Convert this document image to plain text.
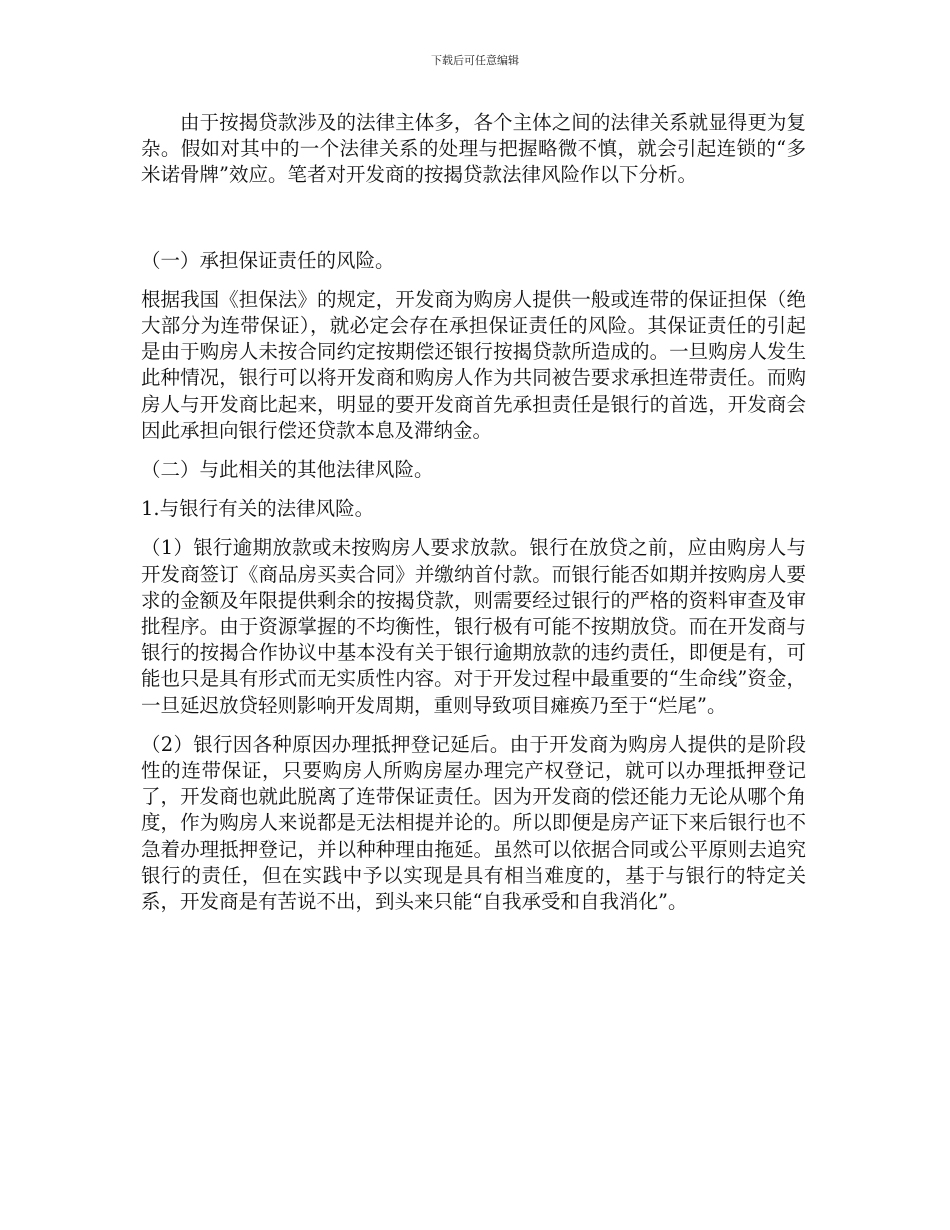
下载后可任意编辑

由于按揭贷款涉及的法律主体多，各个主体之间的法律关系就显得更为复杂。假如对其中的一个法律关系的处理与把握略微不慎，就会引起连锁的“多米诺骨牌”效应。笔者对开发商的按揭贷款法律风险作以下分析。

（一）承担保证责任的风险。

根据我国《担保法》的规定，开发商为购房人提供一般或连带的保证担保（绝大部分为连带保证），就必定会存在承担保证责任的风险。其保证责任的引起是由于购房人未按合同约定按期偿还银行按揭贷款所造成的。一旦购房人发生此种情况，银行可以将开发商和购房人作为共同被告要求承担连带责任。而购房人与开发商比起来，明显的要开发商首先承担责任是银行的首选，开发商会因此承担向银行偿还贷款本息及滞纳金。

（二）与此相关的其他法律风险。

1.与银行有关的法律风险。

（1）银行逾期放款或未按购房人要求放款。银行在放贷之前，应由购房人与开发商签订《商品房买卖合同》并缴纳首付款。而银行能否如期并按购房人要求的金额及年限提供剩余的按揭贷款，则需要经过银行的严格的资料审查及审批程序。由于资源掌握的不均衡性，银行极有可能不按期放贷。而在开发商与银行的按揭合作协议中基本没有关于银行逾期放款的违约责任，即便是有，可能也只是具有形式而无实质性内容。对于开发过程中最重要的“生命线”资金，一旦延迟放贷轻则影响开发周期，重则导致项目瘫痪乃至于“烂尾”。

（2）银行因各种原因办理抵押登记延后。由于开发商为购房人提供的是阶段性的连带保证，只要购房人所购房屋办理完产权登记，就可以办理抵押登记了，开发商也就此脱离了连带保证责任。因为开发商的偿还能力无论从哪个角度，作为购房人来说都是无法相提并论的。所以即便是房产证下来后银行也不急着办理抵押登记，并以种种理由拖延。虽然可以依据合同或公平原则去追究银行的责任，但在实践中予以实现是具有相当难度的，基于与银行的特定关系，开发商是有苦说不出，到头来只能“自我承受和自我消化”。
